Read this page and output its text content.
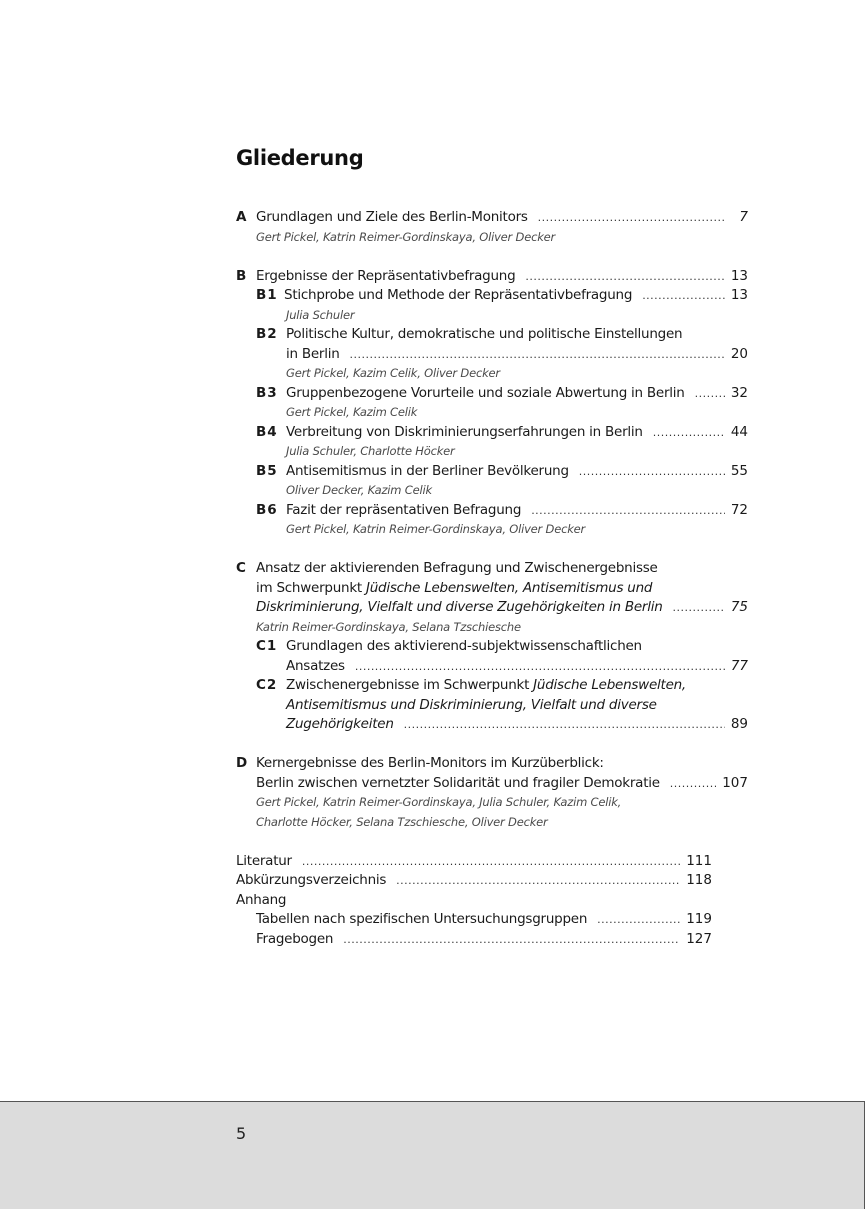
Gliederung
A Grundlagen und Ziele des Berlin-Monitors .....	7
Gert Pickel, Katrin Reimer-Gordinskaya, Oliver Decker
B Ergebnisse der Repräsentativbefragung .....	13
B1 Stichprobe und Methode der Repräsentativbefragung .....	13
Julia Schuler
B2 Politische Kultur, demokratische und politische Einstellungen
in Berlin .....	20
Gert Pickel, Kazim Celik, Oliver Decker
B3 Gruppenbezogene Vorurteile und soziale Abwertung in Berlin .....	32
Gert Pickel, Kazim Celik
B4 Verbreitung von Diskriminierungserfahrungen in Berlin .....	44
Julia Schuler, Charlotte Höcker
B5 Antisemitismus in der Berliner Bevölkerung .....	55
Oliver Decker, Kazim Celik
B6 Fazit der repräsentativen Befragung .....	72
Gert Pickel, Katrin Reimer-Gordinskaya, Oliver Decker
C Ansatz der aktivierenden Befragung und Zwischenergebnisse
im Schwerpunkt Jüdische Lebenswelten, Antisemitismus und
Diskriminierung, Vielfalt und diverse Zugehörigkeiten in Berlin .....	75
Katrin Reimer-Gordinskaya, Selana Tzschiesche
C1 Grundlagen des aktivierend-subjektwissenschaftlichen
Ansatzes .....	77
C2 Zwischenergebnisse im Schwerpunkt Jüdische Lebenswelten,
Antisemitismus und Diskriminierung, Vielfalt und diverse
Zugehörigkeiten .....	89
D Kernergebnisse des Berlin-Monitors im Kurzüberblick:
Berlin zwischen vernetzter Solidarität und fragiler Demokratie .....	107
Gert Pickel, Katrin Reimer-Gordinskaya, Julia Schuler, Kazim Celik,
Charlotte Höcker, Selana Tzschiesche, Oliver Decker
Literatur .....	111
Abkürzungsverzeichnis .....	118
Anhang
Tabellen nach spezifischen Untersuchungsgruppen .....	119
Fragebogen .....	127
5
